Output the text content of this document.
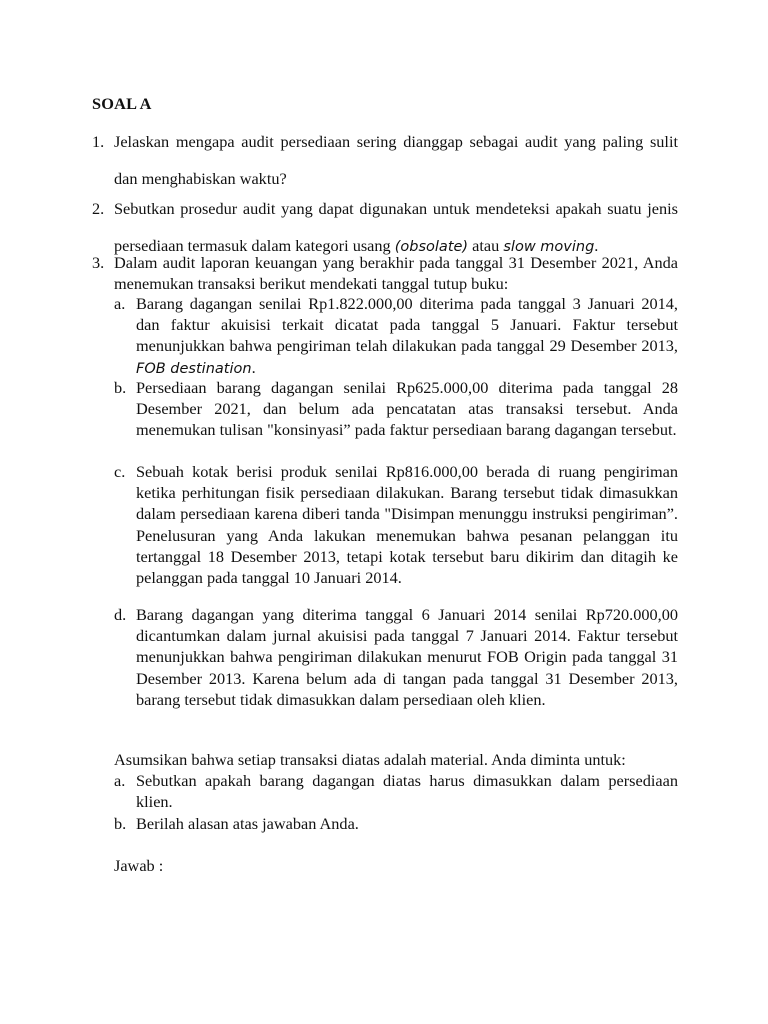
SOAL A
1. Jelaskan mengapa audit persediaan sering dianggap sebagai audit yang paling sulit dan menghabiskan waktu?
2. Sebutkan prosedur audit yang dapat digunakan untuk mendeteksi apakah suatu jenis persediaan termasuk dalam kategori usang (obsolate) atau slow moving.
3. Dalam audit laporan keuangan yang berakhir pada tanggal 31 Desember 2021, Anda menemukan transaksi berikut mendekati tanggal tutup buku:
a. Barang dagangan senilai Rp1.822.000,00 diterima pada tanggal 3 Januari 2014, dan faktur akuisisi terkait dicatat pada tanggal 5 Januari. Faktur tersebut menunjukkan bahwa pengiriman telah dilakukan pada tanggal 29 Desember 2013, FOB destination.
b. Persediaan barang dagangan senilai Rp625.000,00 diterima pada tanggal 28 Desember 2021, dan belum ada pencatatan atas transaksi tersebut. Anda menemukan tulisan "konsinyasi” pada faktur persediaan barang dagangan tersebut.
c. Sebuah kotak berisi produk senilai Rp816.000,00 berada di ruang pengiriman ketika perhitungan fisik persediaan dilakukan. Barang tersebut tidak dimasukkan dalam persediaan karena diberi tanda "Disimpan menunggu instruksi pengiriman”. Penelusuran yang Anda lakukan menemukan bahwa pesanan pelanggan itu tertanggal 18 Desember 2013, tetapi kotak tersebut baru dikirim dan ditagih ke pelanggan pada tanggal 10 Januari 2014.
d. Barang dagangan yang diterima tanggal 6 Januari 2014 senilai Rp720.000,00 dicantumkan dalam jurnal akuisisi pada tanggal 7 Januari 2014. Faktur tersebut menunjukkan bahwa pengiriman dilakukan menurut FOB Origin pada tanggal 31 Desember 2013. Karena belum ada di tangan pada tanggal 31 Desember 2013, barang tersebut tidak dimasukkan dalam persediaan oleh klien.
Asumsikan bahwa setiap transaksi diatas adalah material. Anda diminta untuk:
a. Sebutkan apakah barang dagangan diatas harus dimasukkan dalam persediaan klien.
b. Berilah alasan atas jawaban Anda.
Jawab :
